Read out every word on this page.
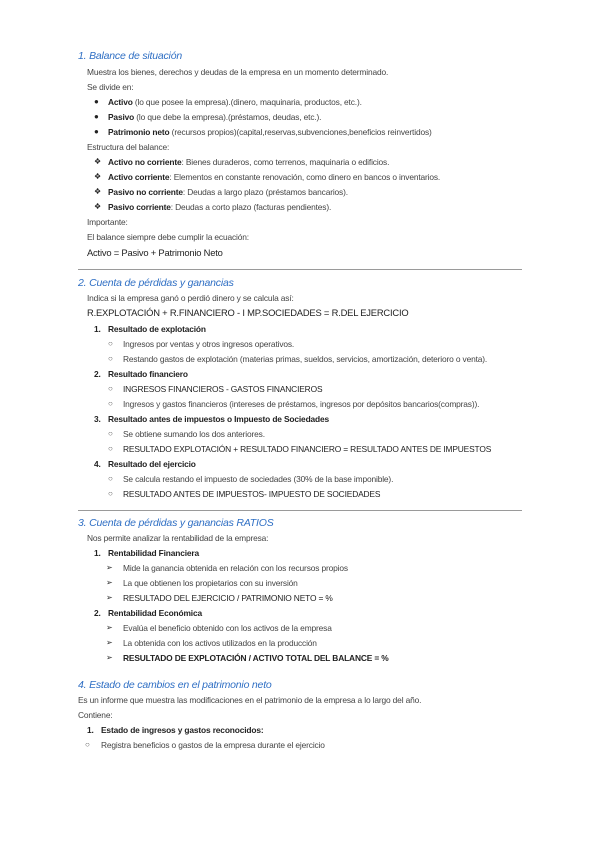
1. Balance de situación
Muestra los bienes, derechos y deudas de la empresa en un momento determinado.
Se divide en:
● Activo (lo que posee la empresa).(dinero, maquinaria, productos, etc.).
● Pasivo (lo que debe la empresa).(préstamos, deudas, etc.).
● Patrimonio neto (recursos propios)(capital,reservas,subvenciones,beneficios reinvertidos)
Estructura del balance:
❖ Activo no corriente: Bienes duraderos, como terrenos, maquinaria o edificios.
❖ Activo corriente: Elementos en constante renovación, como dinero en bancos o inventarios.
❖ Pasivo no corriente: Deudas a largo plazo (préstamos bancarios).
❖ Pasivo corriente: Deudas a corto plazo (facturas pendientes).
Importante:
El balance siempre debe cumplir la ecuación:
Activo = Pasivo + Patrimonio Neto
2. Cuenta de pérdidas y ganancias
Indica si la empresa ganó o perdió dinero y se calcula así:
R.EXPLOTACIÓN + R.FINANCIERO - I MP.SOCIEDADES = R.DEL EJERCICIO
1. Resultado de explotación
○ Ingresos por ventas y otros ingresos operativos.
○ Restando gastos de explotación (materias primas, sueldos, servicios, amortización, deterioro o venta).
2. Resultado financiero
○ INGRESOS FINANCIEROS - GASTOS FINANCIEROS
○ Ingresos y gastos financieros (intereses de préstamos, ingresos por depósitos bancarios(compras)).
3. Resultado antes de impuestos o Impuesto de Sociedades
○ Se obtiene sumando los dos anteriores.
○ RESULTADO EXPLOTACIÓN + RESULTADO FINANCIERO = RESULTADO ANTES DE IMPUESTOS
4. Resultado del ejercicio
○ Se calcula restando el impuesto de sociedades (30% de la base imponible).
○ RESULTADO ANTES DE IMPUESTOS- IMPUESTO DE SOCIEDADES
3. Cuenta de pérdidas y ganancias RATIOS
Nos permite analizar la rentabilidad de la empresa:
1. Rentabilidad Financiera
➢ Mide la ganancia obtenida en relación con los recursos propios
➢ La que obtienen los propietarios con su inversión
➢ RESULTADO DEL EJERCICIO / PATRIMONIO NETO = %
2. Rentabilidad Económica
➢ Evalúa el beneficio obtenido con los activos de la empresa
➢ La obtenida con los activos utilizados en la producción
➢ RESULTADO DE EXPLOTACIÓN / ACTIVO TOTAL DEL BALANCE = %
4. Estado de cambios en el patrimonio neto
Es un informe que muestra las modificaciones en el patrimonio de la empresa a lo largo del año.
Contiene:
1. Estado de ingresos y gastos reconocidos:
○ Registra beneficios o gastos de la empresa durante el ejercicio
